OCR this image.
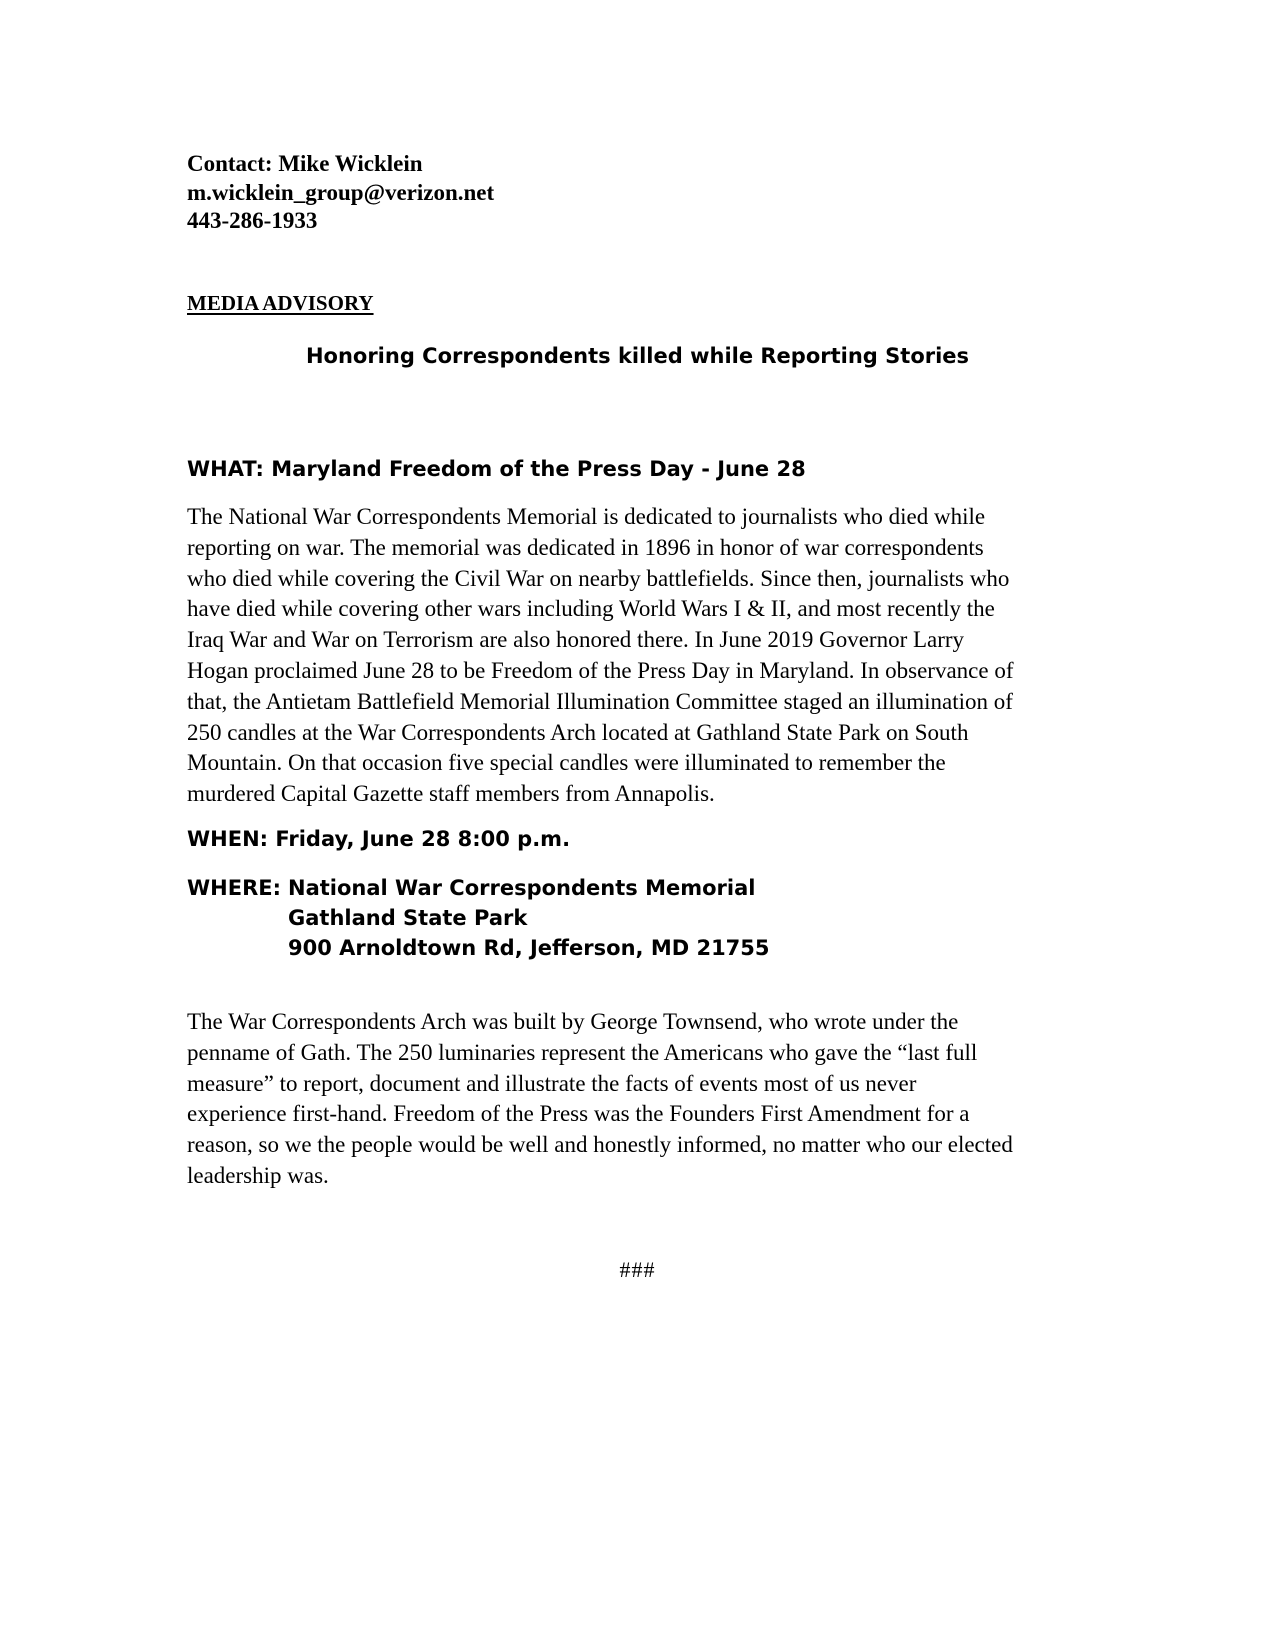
Contact: Mike Wicklein
m.wicklein_group@verizon.net
443-286-1933
MEDIA ADVISORY
Honoring Correspondents killed while Reporting Stories
WHAT: Maryland Freedom of the Press Day - June 28
The National War Correspondents Memorial is dedicated to journalists who died while
reporting on war. The memorial was dedicated in 1896 in honor of war correspondents
who died while covering the Civil War on nearby battlefields. Since then, journalists who
have died while covering other wars including World Wars I & II, and most recently the
Iraq War and War on Terrorism are also honored there. In June 2019 Governor Larry
Hogan proclaimed June 28 to be Freedom of the Press Day in Maryland. In observance of
that, the Antietam Battlefield Memorial Illumination Committee staged an illumination of
250 candles at the War Correspondents Arch located at Gathland State Park on South
Mountain. On that occasion five special candles were illuminated to remember the
murdered Capital Gazette staff members from Annapolis.
WHEN: Friday, June 28 8:00 p.m.
WHERE: National War Correspondents Memorial
Gathland State Park
900 Arnoldtown Rd, Jefferson, MD 21755
The War Correspondents Arch was built by George Townsend, who wrote under the
penname of Gath. The 250 luminaries represent the Americans who gave the “last full
measure” to report, document and illustrate the facts of events most of us never
experience first-hand. Freedom of the Press was the Founders First Amendment for a
reason, so we the people would be well and honestly informed, no matter who our elected
leadership was.
###
